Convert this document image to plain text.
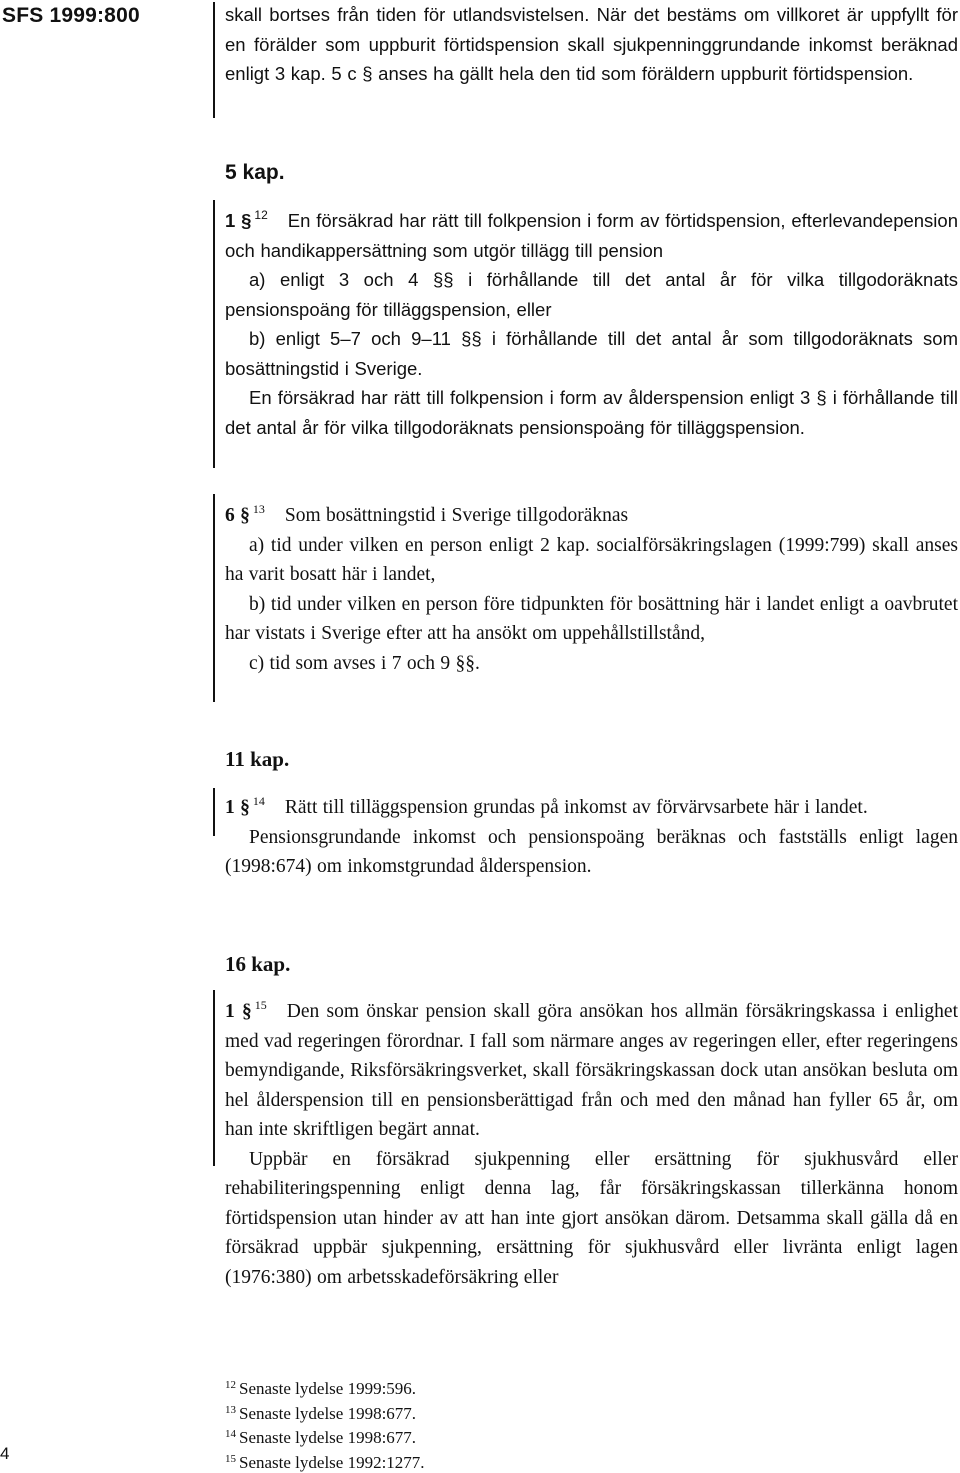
SFS 1999:800	skall bortses från tiden för utlandsvistelsen. När det bestäms om villkoret är uppfyllt för en förälder som uppburit förtidspension skall sjukpenninggrundande inkomst beräknad enligt 3 kap. 5 c § anses ha gällt hela den tid som föräldern uppburit förtidspension.

5 kap.

1 § $^{12}$ En försäkrad har rätt till folkpension i form av förtidspension, efterlevandepension och handikappersättning som utgör tillägg till pension

a) enligt 3 och 4 §§ i förhållande till det antal år för vilka tillgodoräknats pensionspoäng för tilläggspension, eller

b) enligt 5–7 och 9–11 §§ i förhållande till det antal år som tillgodoräknats som bosättningstid i Sverige.

En försäkrad har rätt till folkpension i form av ålderspension enligt 3 § i förhållande till det antal år för vilka tillgodoräknats pensionspoäng för tilläggspension.

6 § $^{13}$ Som bosättningstid i Sverige tillgodoräknas

a) tid under vilken en person enligt 2 kap. socialförsäkringslagen (1999:799) skall anses ha varit bosatt här i landet,

b) tid under vilken en person före tidpunkten för bosättning här i landet enligt a oavbrutet har vistats i Sverige efter att ha ansökt om uppehållstillstånd,

c) tid som avses i 7 och 9 §§.

11 kap.

1 § $^{14}$ Rätt till tilläggspension grundas på inkomst av förvärvsarbete här i landet.

Pensionsgrundande inkomst och pensionspoäng beräknas och fastställs enligt lagen (1998:674) om inkomstgrundad ålderspension.

16 kap.

1 § $^{15}$ Den som önskar pension skall göra ansökan hos allmän försäkringskassa i enlighet med vad regeringen förordnar. I fall som närmare anges av regeringen eller, efter regeringens bemyndigande, Riksförsäkringsverket, skall försäkringskassan dock utan ansökan besluta om hel ålderspension till en pensionsberättigad från och med den månad han fyller 65 år, om han inte skriftligen begärt annat.

Uppbär en försäkrad sjukpenning eller ersättning för sjukhusvård eller rehabiliteringspenning enligt denna lag, får försäkringskassan tillerkänna honom förtidspension utan hinder av att han inte gjort ansökan därom. Detsamma skall gälla då en försäkrad uppbär sjukpenning, ersättning för sjukhusvård eller livränta enligt lagen (1976:380) om arbetsskadeförsäkring eller

$^{12}$ Senaste lydelse 1999:596.
$^{13}$ Senaste lydelse 1998:677.
$^{14}$ Senaste lydelse 1998:677.
$^{15}$ Senaste lydelse 1992:1277.
4
